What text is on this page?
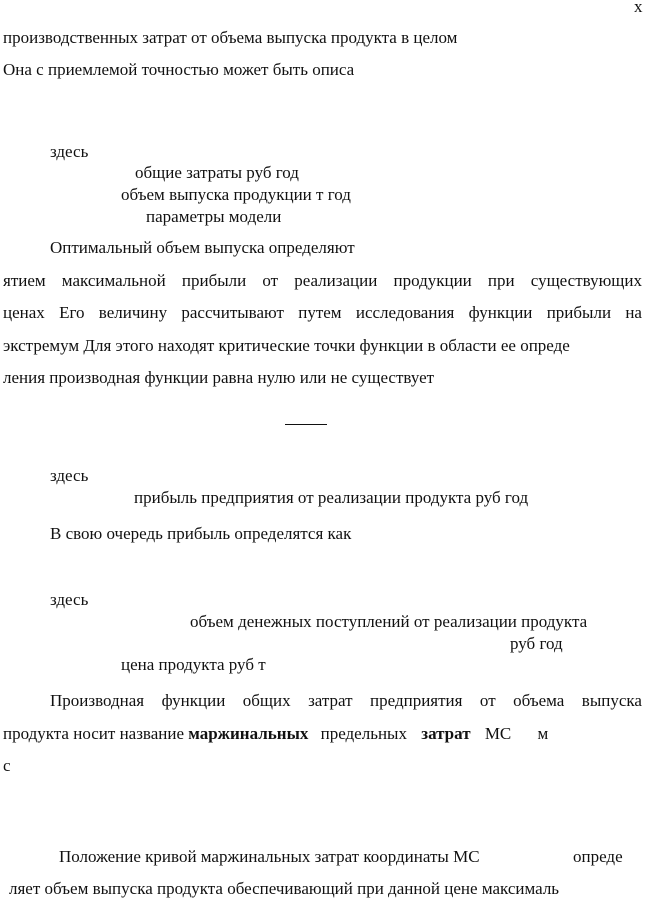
x
производственных затрат от объема выпуска продукта в целом
Она с приемлемой точностью может быть описа
здесь
общие затраты руб год
объем выпуска продукции т год
параметры модели
Оптимальный объем выпуска определяют
ятием максимальной прибыли от реализации продукции при существующих
ценах Его величину рассчитывают путем исследования функции прибыли на
экстремум Для этого находят критические точки функции в области ее опреде
ления производная функции равна нулю или не существует
здесь
прибыль предприятия от реализации продукта руб год
В свою очередь прибыль определятся как
здесь
объем денежных поступлений от реализации продукта
руб год
цена продукта руб т
Производная функции общих затрат предприятия от объема выпуска
продукта носит название маржинальных предельных затрат МС м
с
Положение кривой маржинальных затрат координаты МС	опреде
ляет объем выпуска продукта обеспечивающий при данной цене максималь
